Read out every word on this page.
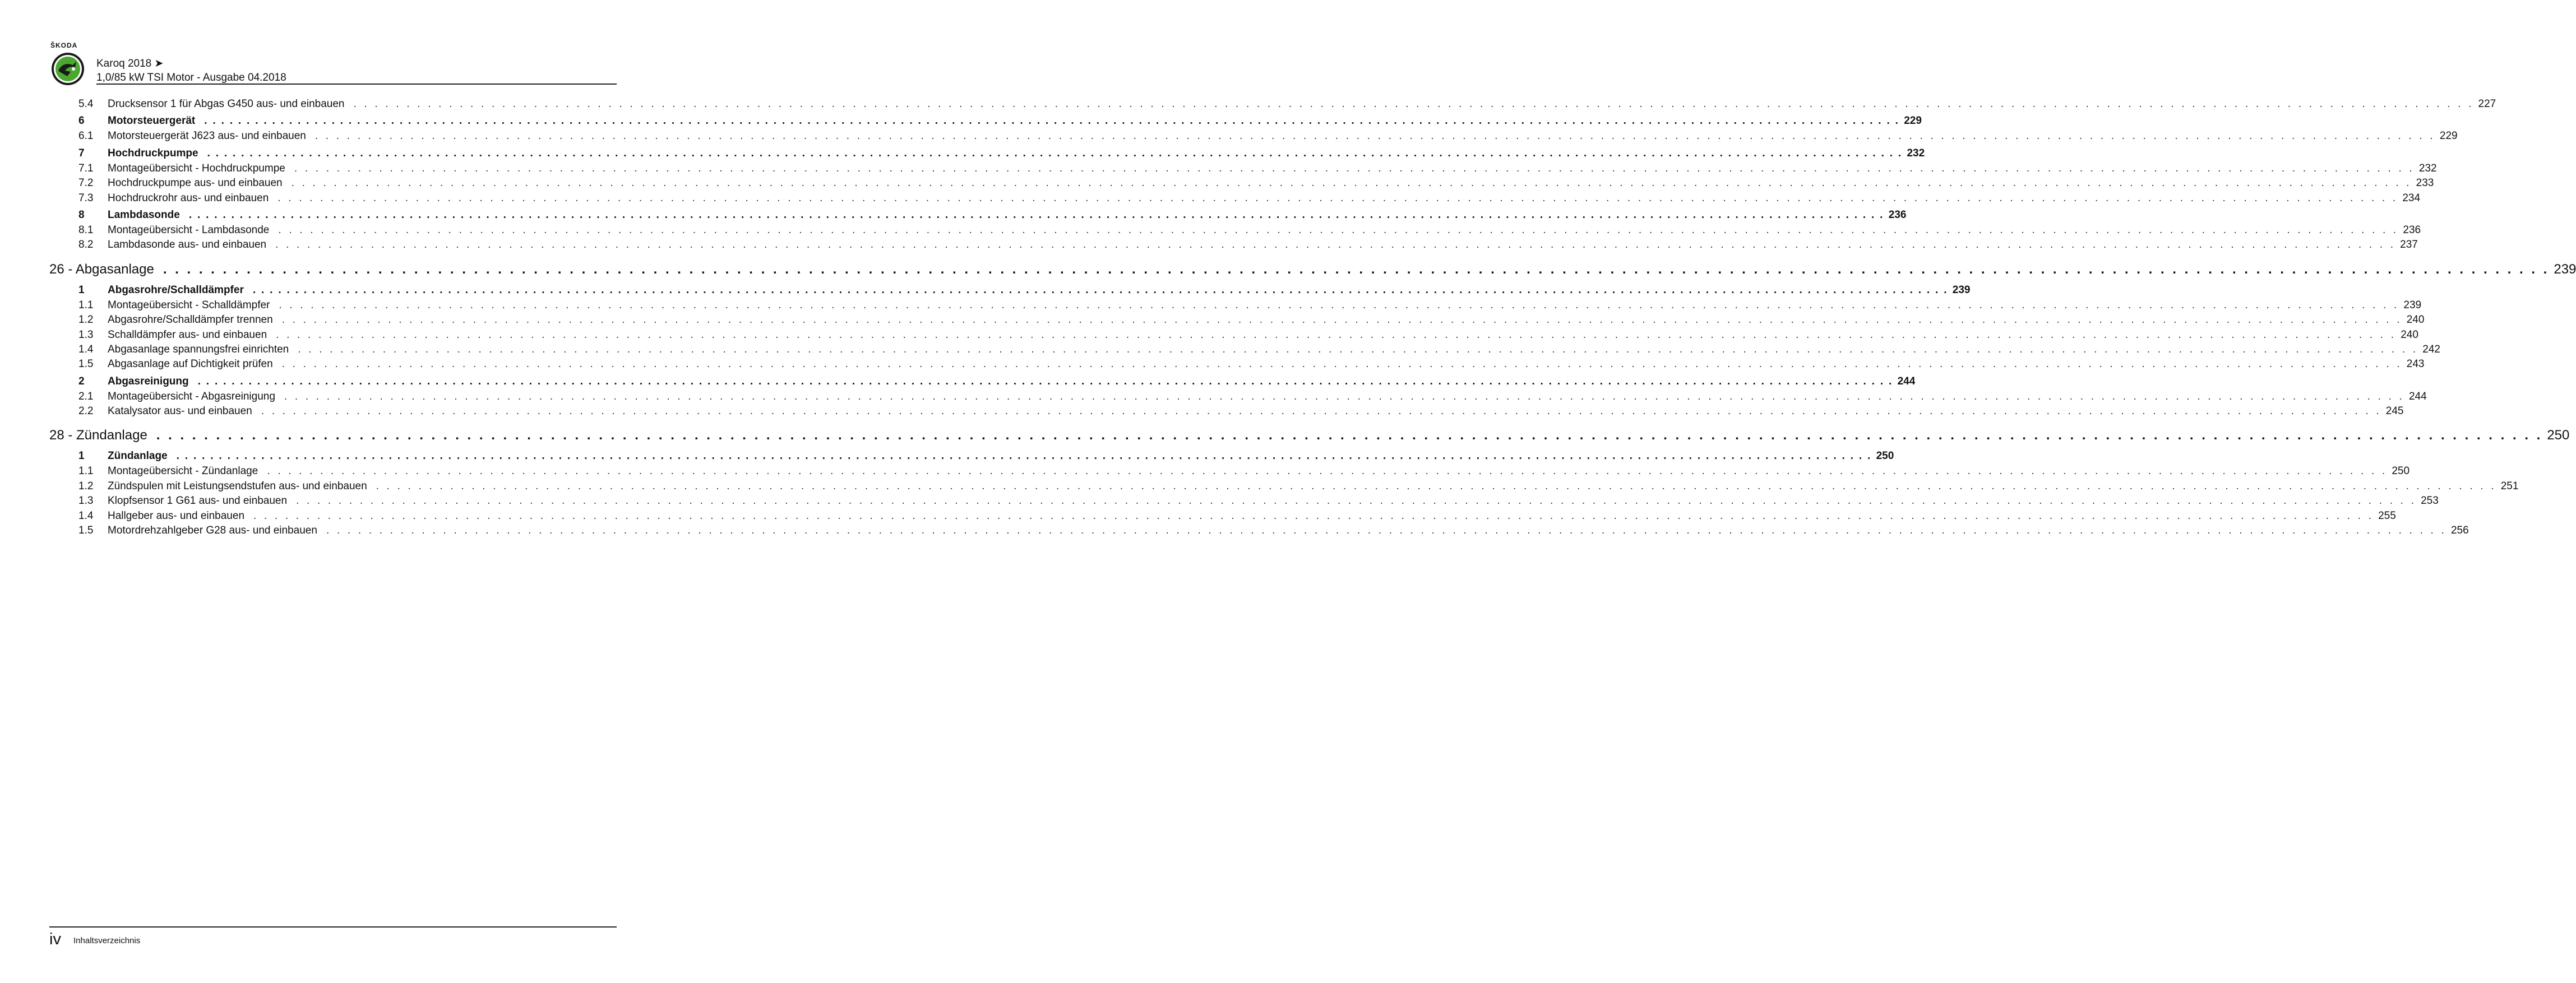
ŠKODA
Karoq 2018 ➤
1,0/85 kW TSI Motor - Ausgabe 04.2018
5.4	Drucksensor 1 für Abgas G450 aus- und einbauen . . . . . . . . . . . . . . . . . . . . . . . . . . . . . . . . . . . . . . . . . . . . . . . . . . . . . . . . . . . . . . . . . . . . . . . . . . . . . . . . . . . . . . . . . . . . . . . . . . . . . . . . . . . . . . . . . . . . . . . . . . . . . . . . . . . . . . . . . . . . . . . . . . . . . . . . . . . . . . . . . . . . . . . . . . . . . . . . . . . . . . . . . . . . . . . . . . . . . . . . 227
6	Motorsteuergerät . . . . . . . . . . . . . . . . . . . . . . . . . . . . . . . . . . . . . . . . . . . . . . . . . . . . . . . . . . . . . . . . . . . . . . . . . . . . . . . . . . . . . . . . . . . . . . . . . . . . . . . . . . . . . . . . . . . . . . . . . . . . . . . . . . . . . . . . . . . . . . . . . . . . . . . . . . . . . . . . . . . . . . . . . . . . . . . . . . . . . . . . . . . . . . . . . . . . . . . . 229
6.1	Motorsteuergerät J623 aus- und einbauen . . . . . . . . . . . . . . . . . . . . . . . . . . . . . . . . . . . . . . . . . . . . . . . . . . . . . . . . . . . . . . . . . . . . . . . . . . . . . . . . . . . . . . . . . . . . . . . . . . . . . . . . . . . . . . . . . . . . . . . . . . . . . . . . . . . . . . . . . . . . . . . . . . . . . . . . . . . . . . . . . . . . . . . . . . . . . . . . . . . . . . . . . . . . . . . . . . . . . . . . 229
7	Hochdruckpumpe . . . . . . . . . . . . . . . . . . . . . . . . . . . . . . . . . . . . . . . . . . . . . . . . . . . . . . . . . . . . . . . . . . . . . . . . . . . . . . . . . . . . . . . . . . . . . . . . . . . . . . . . . . . . . . . . . . . . . . . . . . . . . . . . . . . . . . . . . . . . . . . . . . . . . . . . . . . . . . . . . . . . . . . . . . . . . . . . . . . . . . . . . . . . . . . . . . . . . . . . 232
7.1	Montageübersicht - Hochdruckpumpe . . . . . . . . . . . . . . . . . . . . . . . . . . . . . . . . . . . . . . . . . . . . . . . . . . . . . . . . . . . . . . . . . . . . . . . . . . . . . . . . . . . . . . . . . . . . . . . . . . . . . . . . . . . . . . . . . . . . . . . . . . . . . . . . . . . . . . . . . . . . . . . . . . . . . . . . . . . . . . . . . . . . . . . . . . . . . . . . . . . . . . . . . . . . . . . . . . . . . . . . 232
7.2	Hochdruckpumpe aus- und einbauen . . . . . . . . . . . . . . . . . . . . . . . . . . . . . . . . . . . . . . . . . . . . . . . . . . . . . . . . . . . . . . . . . . . . . . . . . . . . . . . . . . . . . . . . . . . . . . . . . . . . . . . . . . . . . . . . . . . . . . . . . . . . . . . . . . . . . . . . . . . . . . . . . . . . . . . . . . . . . . . . . . . . . . . . . . . . . . . . . . . . . . . . . . . . . . . . . . . . . . . . 233
7.3	Hochdruckrohr aus- und einbauen . . . . . . . . . . . . . . . . . . . . . . . . . . . . . . . . . . . . . . . . . . . . . . . . . . . . . . . . . . . . . . . . . . . . . . . . . . . . . . . . . . . . . . . . . . . . . . . . . . . . . . . . . . . . . . . . . . . . . . . . . . . . . . . . . . . . . . . . . . . . . . . . . . . . . . . . . . . . . . . . . . . . . . . . . . . . . . . . . . . . . . . . . . . . . . . . . . . . . . . . 234
8	Lambdasonde . . . . . . . . . . . . . . . . . . . . . . . . . . . . . . . . . . . . . . . . . . . . . . . . . . . . . . . . . . . . . . . . . . . . . . . . . . . . . . . . . . . . . . . . . . . . . . . . . . . . . . . . . . . . . . . . . . . . . . . . . . . . . . . . . . . . . . . . . . . . . . . . . . . . . . . . . . . . . . . . . . . . . . . . . . . . . . . . . . . . . . . . . . . . . . . . . . . . . . . . 236
8.1	Montageübersicht - Lambdasonde . . . . . . . . . . . . . . . . . . . . . . . . . . . . . . . . . . . . . . . . . . . . . . . . . . . . . . . . . . . . . . . . . . . . . . . . . . . . . . . . . . . . . . . . . . . . . . . . . . . . . . . . . . . . . . . . . . . . . . . . . . . . . . . . . . . . . . . . . . . . . . . . . . . . . . . . . . . . . . . . . . . . . . . . . . . . . . . . . . . . . . . . . . . . . . . . . . . . . . . . 236
8.2	Lambdasonde aus- und einbauen . . . . . . . . . . . . . . . . . . . . . . . . . . . . . . . . . . . . . . . . . . . . . . . . . . . . . . . . . . . . . . . . . . . . . . . . . . . . . . . . . . . . . . . . . . . . . . . . . . . . . . . . . . . . . . . . . . . . . . . . . . . . . . . . . . . . . . . . . . . . . . . . . . . . . . . . . . . . . . . . . . . . . . . . . . . . . . . . . . . . . . . . . . . . . . . . . . . . . . . . 237
26 - Abgasanlage . . . . . . . . . . . . . . . . . . . . . . . . . . . . . . . . . . . . . . . . . . . . . . . . . . . . . . . . . . . . . . . . . . . . . . . . . . . . . . . . . . . . . . . . . . . . . . . . . . . . . . . . . . . . . . . . . . . . . . . . . . . . . . . . . . . . . . . . . . . . . . . . . . . . . . . . . . . . . . . . . . . . . . . . . . . . . . . . . . . . . . . . . . . . . . . . . . . . . . . . 239
1	Abgasrohre/Schalldämpfer . . . . . . . . . . . . . . . . . . . . . . . . . . . . . . . . . . . . . . . . . . . . . . . . . . . . . . . . . . . . . . . . . . . . . . . . . . . . . . . . . . . . . . . . . . . . . . . . . . . . . . . . . . . . . . . . . . . . . . . . . . . . . . . . . . . . . . . . . . . . . . . . . . . . . . . . . . . . . . . . . . . . . . . . . . . . . . . . . . . . . . . . . . . . . . . . . . . . . . . . 239
1.1	Montageübersicht - Schalldämpfer . . . . . . . . . . . . . . . . . . . . . . . . . . . . . . . . . . . . . . . . . . . . . . . . . . . . . . . . . . . . . . . . . . . . . . . . . . . . . . . . . . . . . . . . . . . . . . . . . . . . . . . . . . . . . . . . . . . . . . . . . . . . . . . . . . . . . . . . . . . . . . . . . . . . . . . . . . . . . . . . . . . . . . . . . . . . . . . . . . . . . . . . . . . . . . . . . . . . . . . . 239
1.2	Abgasrohre/Schalldämpfer trennen . . . . . . . . . . . . . . . . . . . . . . . . . . . . . . . . . . . . . . . . . . . . . . . . . . . . . . . . . . . . . . . . . . . . . . . . . . . . . . . . . . . . . . . . . . . . . . . . . . . . . . . . . . . . . . . . . . . . . . . . . . . . . . . . . . . . . . . . . . . . . . . . . . . . . . . . . . . . . . . . . . . . . . . . . . . . . . . . . . . . . . . . . . . . . . . . . . . . . . . . 240
1.3	Schalldämpfer aus- und einbauen . . . . . . . . . . . . . . . . . . . . . . . . . . . . . . . . . . . . . . . . . . . . . . . . . . . . . . . . . . . . . . . . . . . . . . . . . . . . . . . . . . . . . . . . . . . . . . . . . . . . . . . . . . . . . . . . . . . . . . . . . . . . . . . . . . . . . . . . . . . . . . . . . . . . . . . . . . . . . . . . . . . . . . . . . . . . . . . . . . . . . . . . . . . . . . . . . . . . . . . . 240
1.4	Abgasanlage spannungsfrei einrichten . . . . . . . . . . . . . . . . . . . . . . . . . . . . . . . . . . . . . . . . . . . . . . . . . . . . . . . . . . . . . . . . . . . . . . . . . . . . . . . . . . . . . . . . . . . . . . . . . . . . . . . . . . . . . . . . . . . . . . . . . . . . . . . . . . . . . . . . . . . . . . . . . . . . . . . . . . . . . . . . . . . . . . . . . . . . . . . . . . . . . . . . . . . . . . . . . . . . . . . . 242
1.5	Abgasanlage auf Dichtigkeit prüfen . . . . . . . . . . . . . . . . . . . . . . . . . . . . . . . . . . . . . . . . . . . . . . . . . . . . . . . . . . . . . . . . . . . . . . . . . . . . . . . . . . . . . . . . . . . . . . . . . . . . . . . . . . . . . . . . . . . . . . . . . . . . . . . . . . . . . . . . . . . . . . . . . . . . . . . . . . . . . . . . . . . . . . . . . . . . . . . . . . . . . . . . . . . . . . . . . . . . . . . . 243
2	Abgasreinigung . . . . . . . . . . . . . . . . . . . . . . . . . . . . . . . . . . . . . . . . . . . . . . . . . . . . . . . . . . . . . . . . . . . . . . . . . . . . . . . . . . . . . . . . . . . . . . . . . . . . . . . . . . . . . . . . . . . . . . . . . . . . . . . . . . . . . . . . . . . . . . . . . . . . . . . . . . . . . . . . . . . . . . . . . . . . . . . . . . . . . . . . . . . . . . . . . . . . . . . . 244
2.1	Montageübersicht - Abgasreinigung . . . . . . . . . . . . . . . . . . . . . . . . . . . . . . . . . . . . . . . . . . . . . . . . . . . . . . . . . . . . . . . . . . . . . . . . . . . . . . . . . . . . . . . . . . . . . . . . . . . . . . . . . . . . . . . . . . . . . . . . . . . . . . . . . . . . . . . . . . . . . . . . . . . . . . . . . . . . . . . . . . . . . . . . . . . . . . . . . . . . . . . . . . . . . . . . . . . . . . . . 244
2.2	Katalysator aus- und einbauen . . . . . . . . . . . . . . . . . . . . . . . . . . . . . . . . . . . . . . . . . . . . . . . . . . . . . . . . . . . . . . . . . . . . . . . . . . . . . . . . . . . . . . . . . . . . . . . . . . . . . . . . . . . . . . . . . . . . . . . . . . . . . . . . . . . . . . . . . . . . . . . . . . . . . . . . . . . . . . . . . . . . . . . . . . . . . . . . . . . . . . . . . . . . . . . . . . . . . . . . 245
28 - Zündanlage . . . . . . . . . . . . . . . . . . . . . . . . . . . . . . . . . . . . . . . . . . . . . . . . . . . . . . . . . . . . . . . . . . . . . . . . . . . . . . . . . . . . . . . . . . . . . . . . . . . . . . . . . . . . . . . . . . . . . . . . . . . . . . . . . . . . . . . . . . . . . . . . . . . . . . . . . . . . . . . . . . . . . . . . . . . . . . . . . . . . . . . . . . . . . . . . . . . . . . . . 250
1	Zündanlage . . . . . . . . . . . . . . . . . . . . . . . . . . . . . . . . . . . . . . . . . . . . . . . . . . . . . . . . . . . . . . . . . . . . . . . . . . . . . . . . . . . . . . . . . . . . . . . . . . . . . . . . . . . . . . . . . . . . . . . . . . . . . . . . . . . . . . . . . . . . . . . . . . . . . . . . . . . . . . . . . . . . . . . . . . . . . . . . . . . . . . . . . . . . . . . . . . . . . . . . 250
1.1	Montageübersicht - Zündanlage . . . . . . . . . . . . . . . . . . . . . . . . . . . . . . . . . . . . . . . . . . . . . . . . . . . . . . . . . . . . . . . . . . . . . . . . . . . . . . . . . . . . . . . . . . . . . . . . . . . . . . . . . . . . . . . . . . . . . . . . . . . . . . . . . . . . . . . . . . . . . . . . . . . . . . . . . . . . . . . . . . . . . . . . . . . . . . . . . . . . . . . . . . . . . . . . . . . . . . . . 250
1.2	Zündspulen mit Leistungsendstufen aus- und einbauen . . . . . . . . . . . . . . . . . . . . . . . . . . . . . . . . . . . . . . . . . . . . . . . . . . . . . . . . . . . . . . . . . . . . . . . . . . . . . . . . . . . . . . . . . . . . . . . . . . . . . . . . . . . . . . . . . . . . . . . . . . . . . . . . . . . . . . . . . . . . . . . . . . . . . . . . . . . . . . . . . . . . . . . . . . . . . . . . . . . . . . . . . . . . . . . . . . . . . . . . 251
1.3	Klopfsensor 1 G61 aus- und einbauen . . . . . . . . . . . . . . . . . . . . . . . . . . . . . . . . . . . . . . . . . . . . . . . . . . . . . . . . . . . . . . . . . . . . . . . . . . . . . . . . . . . . . . . . . . . . . . . . . . . . . . . . . . . . . . . . . . . . . . . . . . . . . . . . . . . . . . . . . . . . . . . . . . . . . . . . . . . . . . . . . . . . . . . . . . . . . . . . . . . . . . . . . . . . . . . . . . . . . . . . 253
1.4	Hallgeber aus- und einbauen . . . . . . . . . . . . . . . . . . . . . . . . . . . . . . . . . . . . . . . . . . . . . . . . . . . . . . . . . . . . . . . . . . . . . . . . . . . . . . . . . . . . . . . . . . . . . . . . . . . . . . . . . . . . . . . . . . . . . . . . . . . . . . . . . . . . . . . . . . . . . . . . . . . . . . . . . . . . . . . . . . . . . . . . . . . . . . . . . . . . . . . . . . . . . . . . . . . . . . . . 255
1.5	Motordrehzahlgeber G28 aus- und einbauen . . . . . . . . . . . . . . . . . . . . . . . . . . . . . . . . . . . . . . . . . . . . . . . . . . . . . . . . . . . . . . . . . . . . . . . . . . . . . . . . . . . . . . . . . . . . . . . . . . . . . . . . . . . . . . . . . . . . . . . . . . . . . . . . . . . . . . . . . . . . . . . . . . . . . . . . . . . . . . . . . . . . . . . . . . . . . . . . . . . . . . . . . . . . . . . . . . . . . . . . 256
iv Inhaltsverzeichnis
